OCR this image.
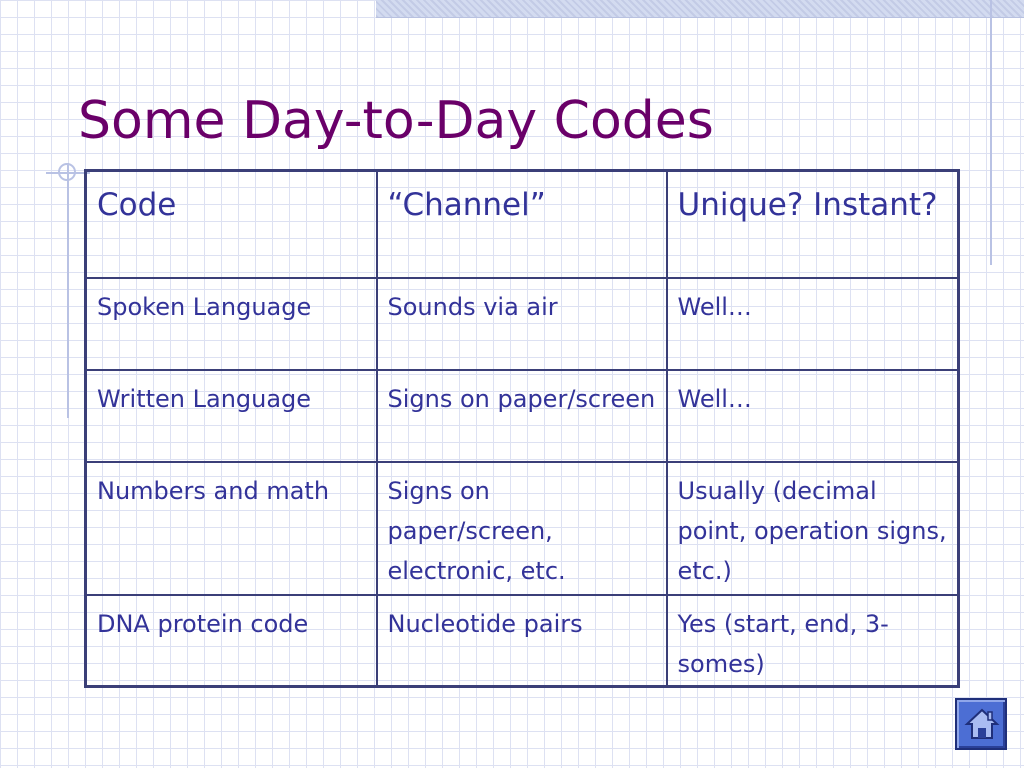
Some Day-to-Day Codes
Code	“Channel”	Unique? Instant?
Spoken Language	Sounds via air	Well…
Written Language	Signs on paper/screen	Well…
Numbers and math	Signs on paper/screen, electronic, etc.	Usually (decimal point, operation signs, etc.)
DNA protein code	Nucleotide pairs	Yes (start, end, 3-somes)
